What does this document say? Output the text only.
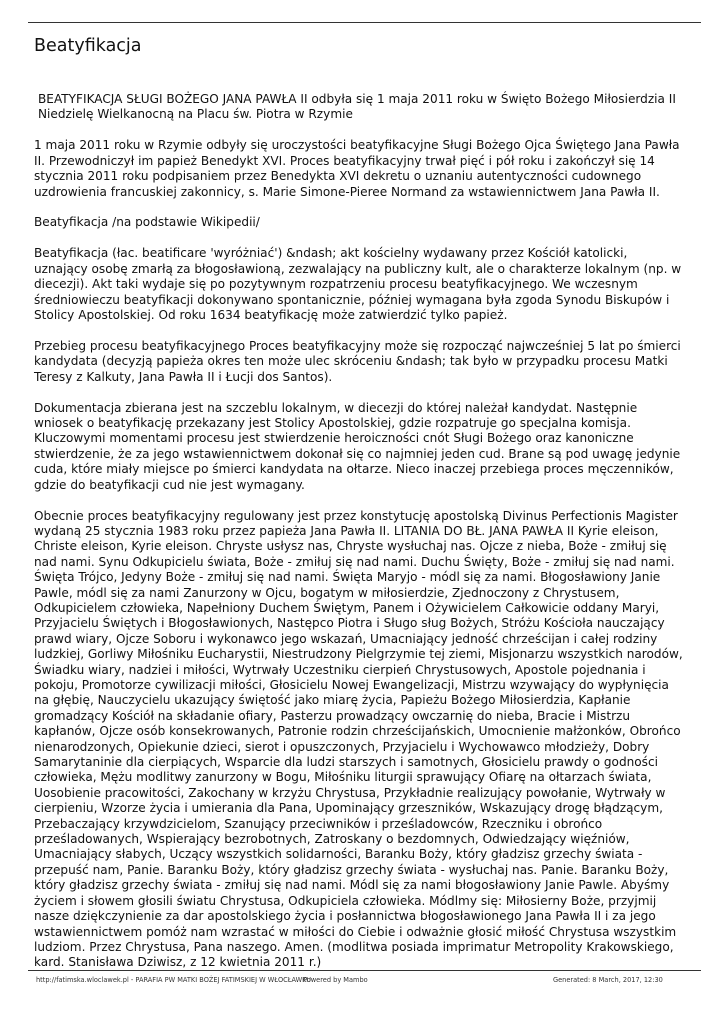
Beatyfikacja

BEATYFIKACJA SŁUGI BOŻEGO JANA PAWŁA II odbyła się 1 maja 2011 roku w Święto Bożego Miłosierdzia II Niedzielę Wielkanocną na Placu św. Piotra w Rzymie

1 maja 2011 roku w Rzymie odbyły się uroczystości beatyfikacyjne Sługi Bożego Ojca Świętego Jana Pawła II. Przewodniczył im papież Benedykt XVI. Proces beatyfikacyjny trwał pięć i pół roku i zakończył się 14 stycznia 2011 roku podpisaniem przez Benedykta XVI dekretu o uznaniu autentyczności cudownego uzdrowienia francuskiej zakonnicy, s. Marie Simone-Pieree Normand za wstawiennictwem Jana Pawła II.

Beatyfikacja /na podstawie Wikipedii/

Beatyfikacja (łac. beatificare 'wyróżniać') &ndash; akt kościelny wydawany przez Kościół katolicki, uznający osobę zmarłą za błogosławioną, zezwalający na publiczny kult, ale o charakterze lokalnym (np. w diecezji). Akt taki wydaje się po pozytywnym rozpatrzeniu procesu beatyfikacyjnego. We wczesnym średniowieczu beatyfikacji dokonywano spontanicznie, później wymagana była zgoda Synodu Biskupów i Stolicy Apostolskiej. Od roku 1634 beatyfikację może zatwierdzić tylko papież.

Przebieg procesu beatyfikacyjnego Proces beatyfikacyjny może się rozpocząć najwcześniej 5 lat po śmierci kandydata (decyzją papieża okres ten może ulec skróceniu &ndash; tak było w przypadku procesu Matki Teresy z Kalkuty, Jana Pawła II i Łucji dos Santos).

Dokumentacja zbierana jest na szczeblu lokalnym, w diecezji do której należał kandydat. Następnie wniosek o beatyfikację przekazany jest Stolicy Apostolskiej, gdzie rozpatruje go specjalna komisja. Kluczowymi momentami procesu jest stwierdzenie heroiczności cnót Sługi Bożego oraz kanoniczne stwierdzenie, że za jego wstawiennictwem dokonał się co najmniej jeden cud. Brane są pod uwagę jedynie cuda, które miały miejsce po śmierci kandydata na ołtarze. Nieco inaczej przebiega proces męczenników, gdzie do beatyfikacji cud nie jest wymagany.

Obecnie proces beatyfikacyjny regulowany jest przez konstytucję apostolską Divinus Perfectionis Magister wydaną 25 stycznia 1983 roku przez papieża Jana Pawła II. LITANIA DO BŁ. JANA PAWŁA II Kyrie eleison, Christe eleison, Kyrie eleison. Chryste usłysz nas, Chryste wysłuchaj nas. Ojcze z nieba, Boże - zmiłuj się nad nami. Synu Odkupicielu świata, Boże - zmiłuj się nad nami. Duchu Święty, Boże - zmiłuj się nad nami. Święta Trójco, Jedyny Boże - zmiłuj się nad nami. Święta Maryjo - módl się za nami. Błogosławiony Janie Pawle, módl się za nami Zanurzony w Ojcu, bogatym w miłosierdzie, Zjednoczony z Chrystusem, Odkupicielem człowieka, Napełniony Duchem Świętym, Panem i Ożywicielem Całkowicie oddany Maryi, Przyjacielu Świętych i Błogosławionych, Następco Piotra i Sługo sług Bożych, Stróżu Kościoła nauczający prawd wiary, Ojcze Soboru i wykonawco jego wskazań, Umacniający jedność chrześcijan i całej rodziny ludzkiej, Gorliwy Miłośniku Eucharystii, Niestrudzony Pielgrzymie tej ziemi, Misjonarzu wszystkich narodów, Świadku wiary, nadziei i miłości, Wytrwały Uczestniku cierpień Chrystusowych, Apostole pojednania i pokoju, Promotorze cywilizacji miłości, Głosicielu Nowej Ewangelizacji, Mistrzu wzywający do wypłynięcia na głębię, Nauczycielu ukazujący świętość jako miarę życia, Papieżu Bożego Miłosierdzia, Kapłanie gromadzący Kościół na składanie ofiary, Pasterzu prowadzący owczarnię do nieba, Bracie i Mistrzu kapłanów, Ojcze osób konsekrowanych, Patronie rodzin chrześcijańskich, Umocnienie małżonków, Obrońco nienarodzonych, Opiekunie dzieci, sierot i opuszczonych, Przyjacielu i Wychowawco młodzieży, Dobry Samarytaninie dla cierpiących, Wsparcie dla ludzi starszych i samotnych, Głosicielu prawdy o godności człowieka, Mężu modlitwy zanurzony w Bogu, Miłośniku liturgii sprawujący Ofiarę na ołtarzach świata, Uosobienie pracowitości, Zakochany w krzyżu Chrystusa, Przykładnie realizujący powołanie, Wytrwały w cierpieniu, Wzorze życia i umierania dla Pana, Upominający grzeszników, Wskazujący drogę błądzącym, Przebaczający krzywdzicielom, Szanujący przeciwników i prześladowców, Rzeczniku i obrońco prześladowanych, Wspierający bezrobotnych, Zatroskany o bezdomnych, Odwiedzający więźniów, Umacniający słabych, Uczący wszystkich solidarności, Baranku Boży, który gładzisz grzechy świata - przepuść nam, Panie. Baranku Boży, który gładzisz grzechy świata - wysłuchaj nas. Panie. Baranku Boży, który gładzisz grzechy świata - zmiłuj się nad nami. Módl się za nami błogosławiony Janie Pawle. Abyśmy życiem i słowem głosili światu Chrystusa, Odkupiciela człowieka. Módlmy się: Miłosierny Boże, przyjmij nasze dziękczynienie za dar apostolskiego życia i posłannictwa błogosławionego Jana Pawła II i za jego wstawiennictwem pomóż nam wzrastać w miłości do Ciebie i odważnie głosić miłość Chrystusa wszystkim ludziom. Przez Chrystusa, Pana naszego. Amen. (modlitwa posiada imprimatur Metropolity Krakowskiego, kard. Stanisława Dziwisz, z 12 kwietnia 2011 r.)

http://fatimska.wloclawek.pl - PARAFIA PW MATKI BOŻEJ FATIMSKIEJ W WŁOCŁAWKU
Powered by Mambo	Generated: 8 March, 2017, 12:30
